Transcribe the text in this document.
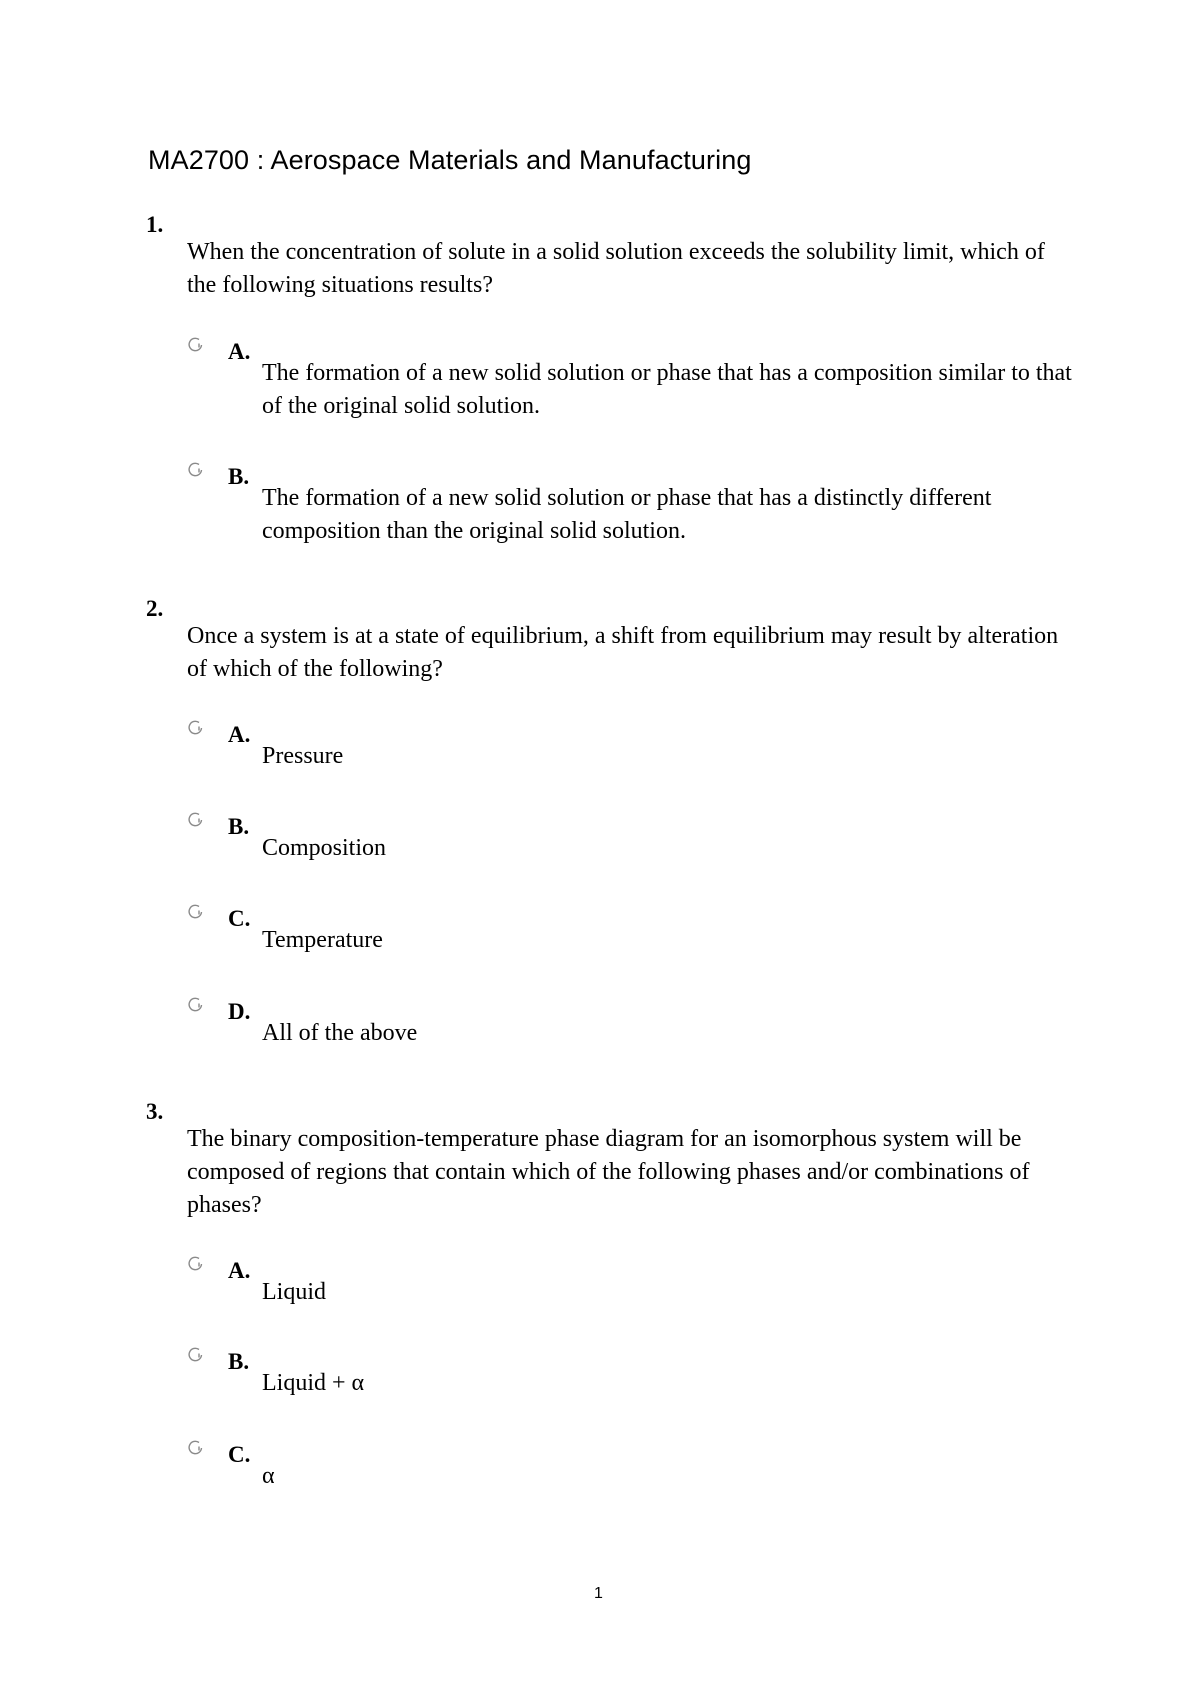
MA2700 : Aerospace Materials and Manufacturing
1.
When the concentration of solute in a solid solution exceeds the solubility limit, which of the following situations results?
A.
The formation of a new solid solution or phase that has a composition similar to that of the original solid solution.
B.
The formation of a new solid solution or phase that has a distinctly different composition than the original solid solution.
2.
Once a system is at a state of equilibrium, a shift from equilibrium may result by alteration of which of the following?
A.
Pressure
B.
Composition
C.
Temperature
D.
All of the above
3.
The binary composition-temperature phase diagram for an isomorphous system will be composed of regions that contain which of the following phases and/or combinations of phases?
A.
Liquid
B.
Liquid + α
C.
α
1
